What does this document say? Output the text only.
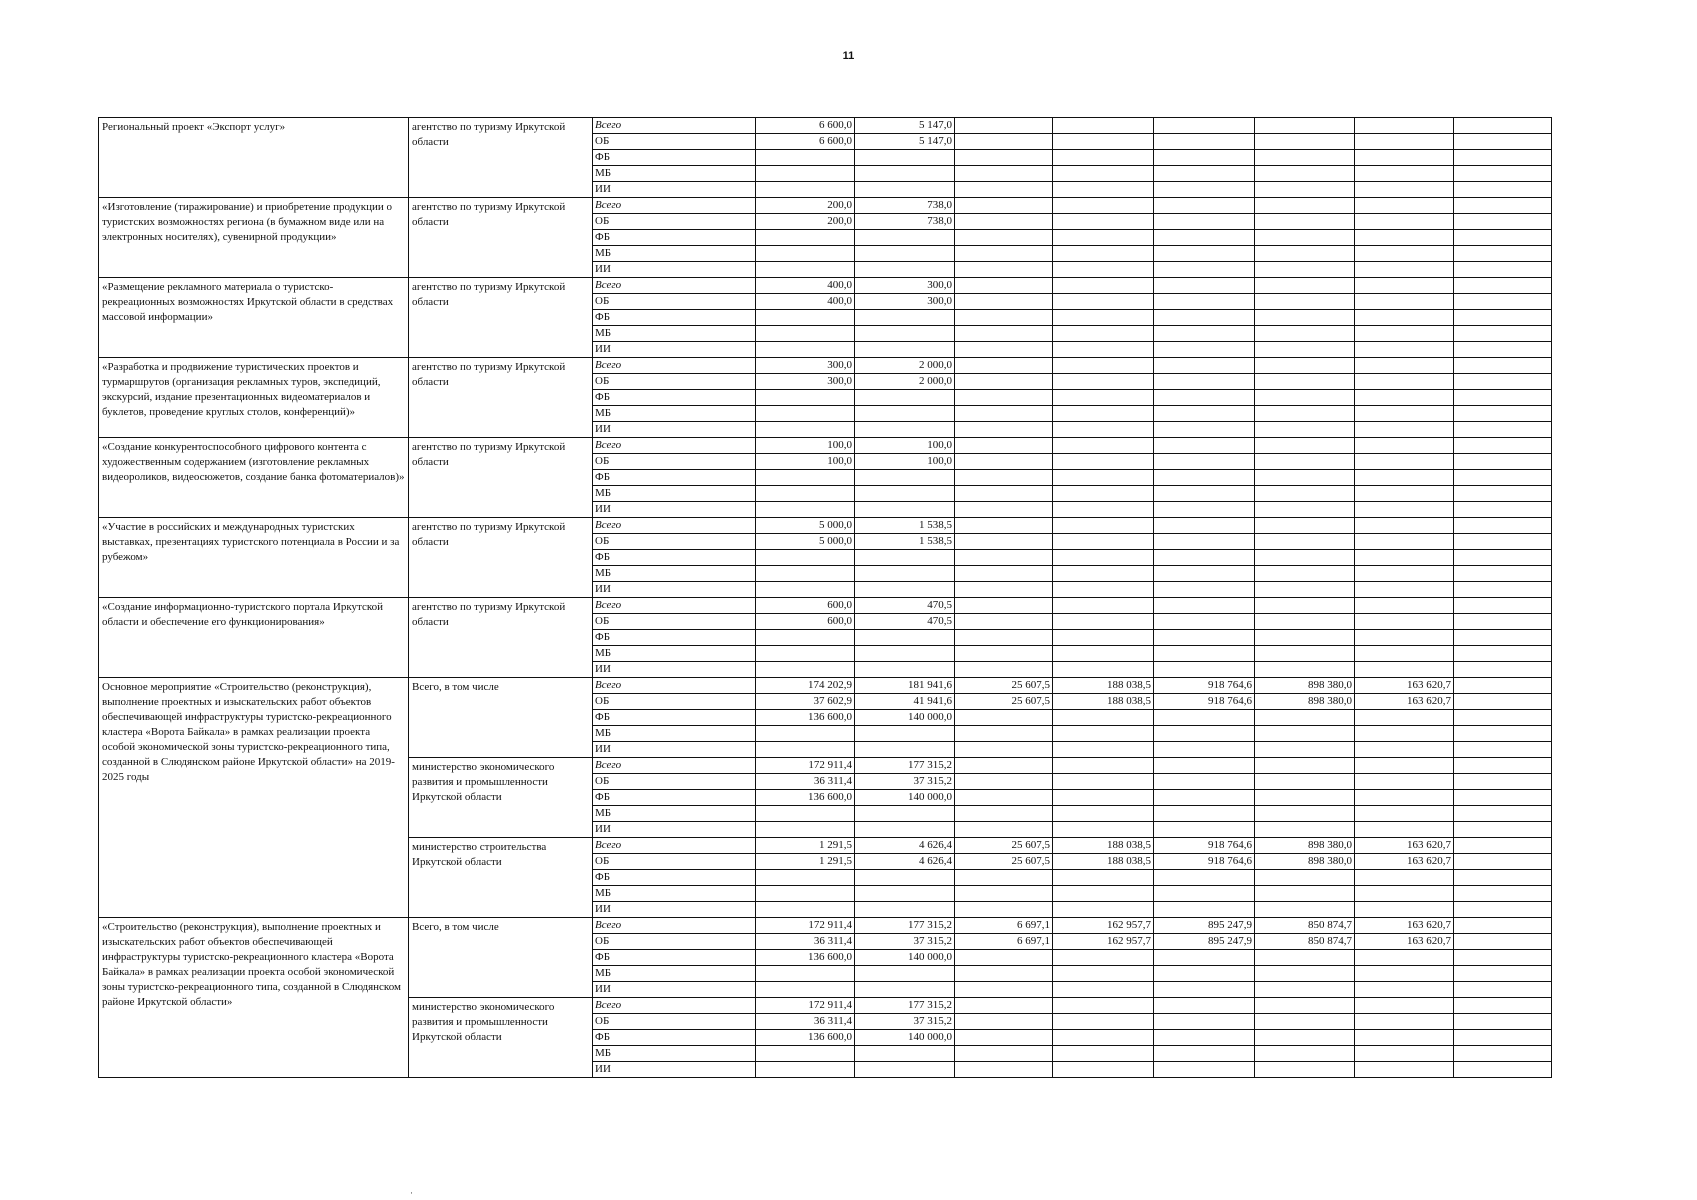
11
Региональный проект «Экспорт услуг»	агентство по туризму Иркутской области	Всего	6 600,0	5 147,0						
		ОБ	6 600,0	5 147,0						
		ФБ								
		МБ								
		ИИ								
«Изготовление (тиражирование) и приобретение продукции о туристских возможностях региона (в бумажном виде или на электронных носителях), сувенирной продукции»	агентство по туризму Иркутской области	Всего	200,0	738,0						
		ОБ	200,0	738,0						
		ФБ								
		МБ								
		ИИ								
«Размещение рекламного материала о туристско-рекреационных возможностях Иркутской области в средствах массовой информации»	агентство по туризму Иркутской области	Всего	400,0	300,0						
		ОБ	400,0	300,0						
		ФБ								
		МБ								
		ИИ								
«Разработка и продвижение туристических проектов и турмаршрутов (организация рекламных туров, экспедиций, экскурсий, издание презентационных видеоматериалов и буклетов, проведение круглых столов, конференций)»	агентство по туризму Иркутской области	Всего	300,0	2 000,0						
		ОБ	300,0	2 000,0						
		ФБ								
		МБ								
		ИИ								
«Создание конкурентоспособного цифрового контента с художественным содержанием (изготовление рекламных видеороликов, видеосюжетов, создание банка фотоматериалов)»	агентство по туризму Иркутской области	Всего	100,0	100,0						
		ОБ	100,0	100,0						
		ФБ								
		МБ								
		ИИ								
«Участие в российских и международных туристских выставках, презентациях туристского потенциала в России и за рубежом»	агентство по туризму Иркутской области	Всего	5 000,0	1 538,5						
		ОБ	5 000,0	1 538,5						
		ФБ								
		МБ								
		ИИ								
«Создание информационно-туристского портала Иркутской области и обеспечение его функционирования»	агентство по туризму Иркутской области	Всего	600,0	470,5						
		ОБ	600,0	470,5						
		ФБ								
		МБ								
		ИИ								
Основное мероприятие «Строительство (реконструкция), выполнение проектных и изыскательских работ объектов обеспечивающей инфраструктуры туристско-рекреационного кластера «Ворота Байкала» в рамках реализации проекта особой экономической зоны туристско-рекреационного типа, созданной в Слюдянском районе Иркутской области» на 2019-2025 годы	Всего, в том числе	Всего	174 202,9	181 941,6	25 607,5	188 038,5	918 764,6	898 380,0	163 620,7	
		ОБ	37 602,9	41 941,6	25 607,5	188 038,5	918 764,6	898 380,0	163 620,7	
		ФБ	136 600,0	140 000,0						
		МБ								
		ИИ								
	министерство экономического развития и промышленности Иркутской области	Всего	172 911,4	177 315,2						
		ОБ	36 311,4	37 315,2						
		ФБ	136 600,0	140 000,0						
		МБ								
		ИИ								
	министерство строительства Иркутской области	Всего	1 291,5	4 626,4	25 607,5	188 038,5	918 764,6	898 380,0	163 620,7	
		ОБ	1 291,5	4 626,4	25 607,5	188 038,5	918 764,6	898 380,0	163 620,7	
		ФБ								
		МБ								
		ИИ								
«Строительство (реконструкция), выполнение проектных и изыскательских работ объектов обеспечивающей инфраструктуры туристско-рекреационного кластера «Ворота Байкала» в рамках реализации проекта особой экономической зоны туристско-рекреационного типа, созданной в Слюдянском районе Иркутской области»	Всего, в том числе	Всего	172 911,4	177 315,2	6 697,1	162 957,7	895 247,9	850 874,7	163 620,7	
		ОБ	36 311,4	37 315,2	6 697,1	162 957,7	895 247,9	850 874,7	163 620,7	
		ФБ	136 600,0	140 000,0						
		МБ								
		ИИ								
	министерство экономического развития и промышленности Иркутской области	Всего	172 911,4	177 315,2						
		ОБ	36 311,4	37 315,2						
		ФБ	136 600,0	140 000,0						
		МБ								
		ИИ								
·
